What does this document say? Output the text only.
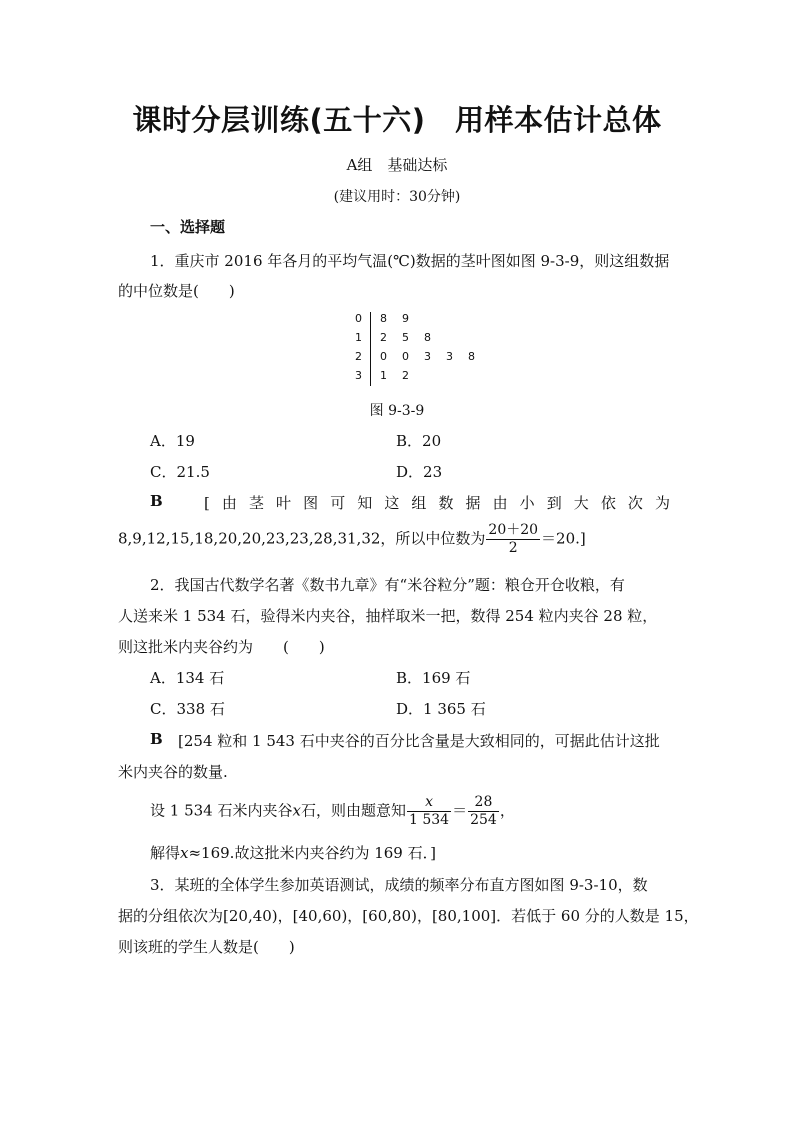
课时分层训练(五十六)　用样本估计总体
A组　基础达标
(建议用时：30分钟)
一、选择题
1．重庆市 2016 年各月的平均气温(℃)数据的茎叶图如图 9-3-9，则这组数据
的中位数是(　　)
0 8 9
1 2 5 8
2 0 0 3 3 8
3 1 2
图 9-3-9
A．19	B．20
C．21.5	D．23
B	[由茎叶图可知这组数据由小到大依次为
8,9,12,15,18,20,20,23,23,28,31,32，所以中位数为 $\frac{20+20}{2} =20$.]
2．我国古代数学名著《数书九章》有“米谷粒分”题：粮仓开仓收粮，有
人送来米 1 534 石，验得米内夹谷，抽样取米一把，数得 254 粒内夹谷 28 粒，
则这批米内夹谷约为　　(　　)
A．134 石	B．169 石
C．338 石	D．1 365 石
B [254 粒和 1 543 石中夹谷的百分比含量是大致相同的，可据此估计这批
米内夹谷的数量.
设 1 534 石米内夹谷x石，则由题意知 $\frac{x}{1 534} = \frac{28}{254}$ ，
解得x≈169.故这批米内夹谷约为 169 石．]
3．某班的全体学生参加英语测试，成绩的频率分布直方图如图 9-3-10，数
据的分组依次为[20,40)，[40,60)，[60,80)，[80,100]．若低于 60 分的人数是 15，
则该班的学生人数是(　　)
